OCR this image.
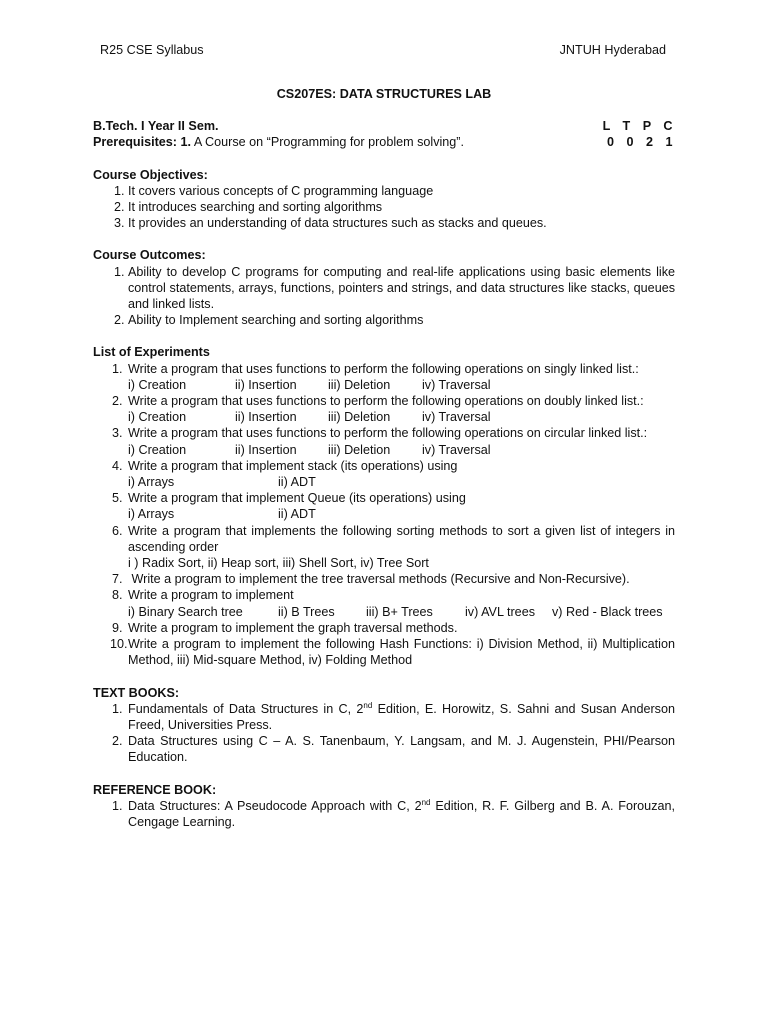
R25 CSE Syllabus	JNTUH Hyderabad
CS207ES: DATA STRUCTURES LAB
B.Tech. I Year II Sem.	L T P C
0 0 2 1
Prerequisites: 1. A Course on “Programming for problem solving”.
Course Objectives:
1. It covers various concepts of C programming language
2. It introduces searching and sorting algorithms
3. It provides an understanding of data structures such as stacks and queues.
Course Outcomes:
1. Ability to develop C programs for computing and real-life applications using basic elements like control statements, arrays, functions, pointers and strings, and data structures like stacks, queues and linked lists.
2. Ability to Implement searching and sorting algorithms
List of Experiments
1. Write a program that uses functions to perform the following operations on singly linked list.:
i) Creation	ii) Insertion iii) Deletion	iv) Traversal
2. Write a program that uses functions to perform the following operations on doubly linked list.:
i) Creation	ii) Insertion iii) Deletion	iv) Traversal
3. Write a program that uses functions to perform the following operations on circular linked list.:
i) Creation	ii) Insertion iii) Deletion	iv) Traversal
4. Write a program that implement stack (its operations) using
i) Arrays	ii) ADT
5. Write a program that implement Queue (its operations) using
i) Arrays	ii) ADT
6. Write a program that implements the following sorting methods to sort a given list of integers in ascending order
i ) Radix Sort, ii) Heap sort, iii) Shell Sort, iv) Tree Sort
7. Write a program to implement the tree traversal methods (Recursive and Non-Recursive).
8. Write a program to implement
i) Binary Search tree	ii) B Trees iii) B+ Trees	iv) AVL trees v) Red - Black trees
9. Write a program to implement the graph traversal methods.
10. Write a program to implement the following Hash Functions: i) Division Method, ii) Multiplication Method, iii) Mid-square Method, iv) Folding Method
TEXT BOOKS:
1. Fundamentals of Data Structures in C, 2nd Edition, E. Horowitz, S. Sahni and Susan Anderson Freed, Universities Press.
2. Data Structures using C – A. S. Tanenbaum, Y. Langsam, and M. J. Augenstein, PHI/Pearson Education.
REFERENCE BOOK:
1. Data Structures: A Pseudocode Approach with C, 2nd Edition, R. F. Gilberg and B. A. Forouzan, Cengage Learning.
